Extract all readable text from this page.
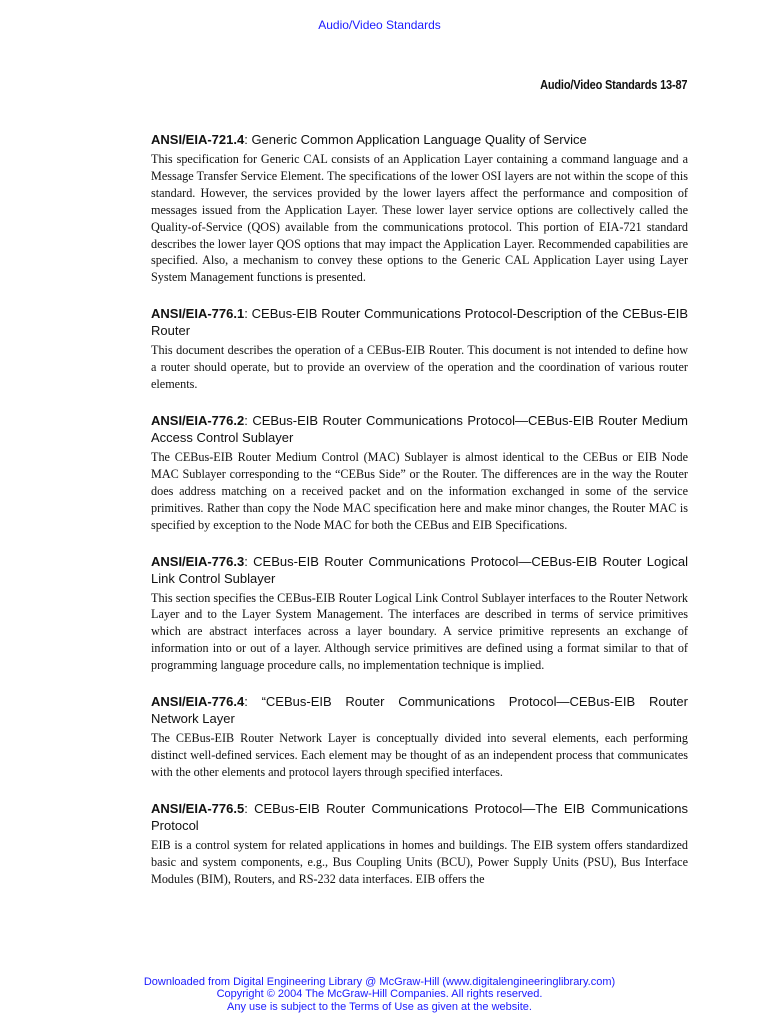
Audio/Video Standards
Audio/Video Standards 13-87

ANSI/EIA-721.4: Generic Common Application Language Quality of Service

This specification for Generic CAL consists of an Application Layer containing a command language and a Message Transfer Service Element. The specifications of the lower OSI layers are not within the scope of this standard. However, the services provided by the lower layers affect the performance and composition of messages issued from the Application Layer. These lower layer service options are collectively called the Quality-of-Service (QOS) available from the communications protocol. This portion of EIA-721 standard describes the lower layer QOS options that may impact the Application Layer. Recommended capabilities are specified. Also, a mechanism to convey these options to the Generic CAL Application Layer using Layer System Management functions is presented.

ANSI/EIA-776.1: CEBus-EIB Router Communications Protocol-Description of the CEBus-EIB Router

This document describes the operation of a CEBus-EIB Router. This document is not intended to define how a router should operate, but to provide an overview of the operation and the coordination of various router elements.

ANSI/EIA-776.2: CEBus-EIB Router Communications Protocol—CEBus-EIB Router Medium Access Control Sublayer

The CEBus-EIB Router Medium Control (MAC) Sublayer is almost identical to the CEBus or EIB Node MAC Sublayer corresponding to the “CEBus Side” or the Router. The differences are in the way the Router does address matching on a received packet and on the information exchanged in some of the service primitives. Rather than copy the Node MAC specification here and make minor changes, the Router MAC is specified by exception to the Node MAC for both the CEBus and EIB Specifications.

ANSI/EIA-776.3: CEBus-EIB Router Communications Protocol—CEBus-EIB Router Logical Link Control Sublayer

This section specifies the CEBus-EIB Router Logical Link Control Sublayer interfaces to the Router Network Layer and to the Layer System Management. The interfaces are described in terms of service primitives which are abstract interfaces across a layer boundary. A service primitive represents an exchange of information into or out of a layer. Although service primitives are defined using a format similar to that of programming language procedure calls, no implementation technique is implied.

ANSI/EIA-776.4: “CEBus-EIB Router Communications Protocol—CEBus-EIB Router Network Layer

The CEBus-EIB Router Network Layer is conceptually divided into several elements, each performing distinct well-defined services. Each element may be thought of as an independent process that communicates with the other elements and protocol layers through specified interfaces.

ANSI/EIA-776.5: CEBus-EIB Router Communications Protocol—The EIB Communications Protocol

EIB is a control system for related applications in homes and buildings. The EIB system offers standardized basic and system components, e.g., Bus Coupling Units (BCU), Power Supply Units (PSU), Bus Interface Modules (BIM), Routers, and RS-232 data interfaces. EIB offers the

Downloaded from Digital Engineering Library @ McGraw-Hill (www.digitalengineeringlibrary.com)
Copyright © 2004 The McGraw-Hill Companies. All rights reserved.
Any use is subject to the Terms of Use as given at the website.
